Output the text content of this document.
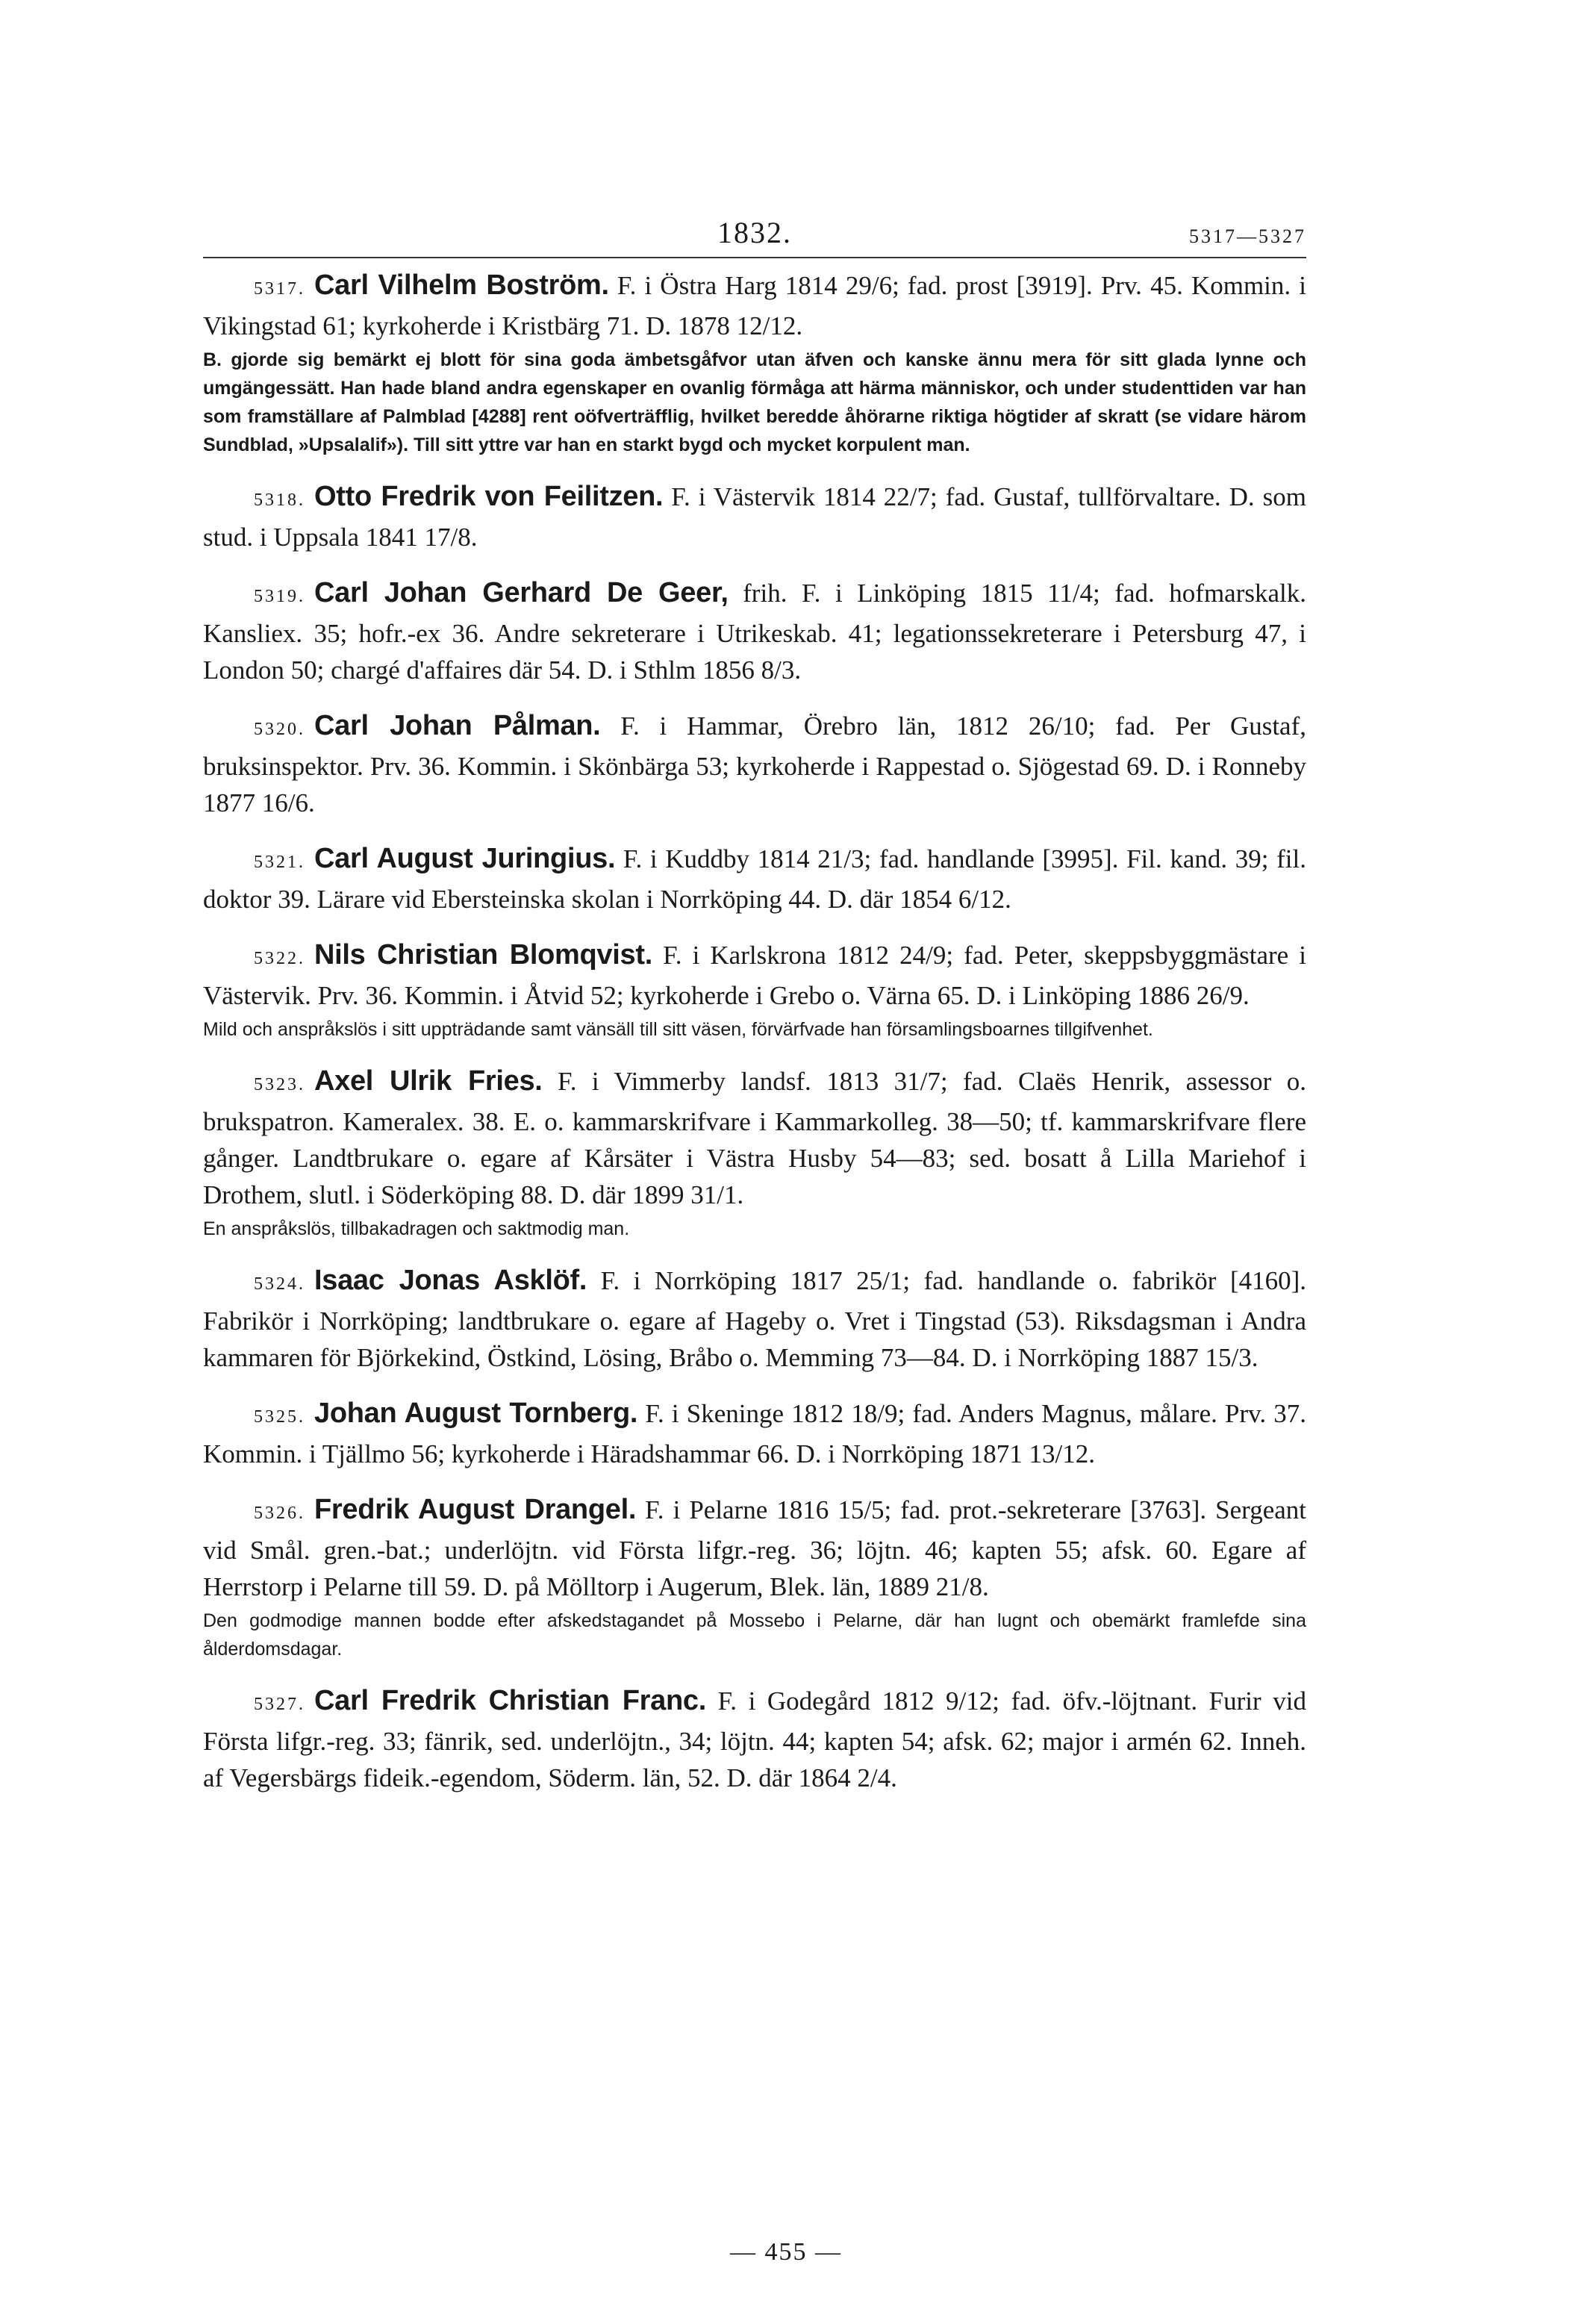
1832.	5317—5327
5317. Carl Vilhelm Boström. F. i Östra Harg 1814 29/6; fad. prost [3919]. Prv. 45. Kommin. i Vikingstad 61; kyrkoherde i Kristbärg 71. D. 1878 12/12.
B. gjorde sig bemärkt ej blott för sina goda ämbetsgåfvor utan äfven och kanske ännu mera för sitt glada lynne och umgängessätt. Han hade bland andra egenskaper en ovanlig förmåga att härma människor, och under studenttiden var han som framställare af Palmblad [4288] rent oöfverträfflig, hvilket beredde åhörarne riktiga högtider af skratt (se vidare härom Sundblad, »Upsalalif»). Till sitt yttre var han en starkt bygd och mycket korpulent man.
5318. Otto Fredrik von Feilitzen. F. i Västervik 1814 22/7; fad. Gustaf, tullförvaltare. D. som stud. i Uppsala 1841 17/8.
5319. Carl Johan Gerhard De Geer, frih. F. i Linköping 1815 11/4; fad. hofmarskalk. Kansliex. 35; hofr.-ex 36. Andre sekreterare i Utrikeskab. 41; legationssekreterare i Petersburg 47, i London 50; chargé d'affaires där 54. D. i Sthlm 1856 8/3.
5320. Carl Johan Pålman. F. i Hammar, Örebro län, 1812 26/10; fad. Per Gustaf, bruksinspektor. Prv. 36. Kommin. i Skönbärga 53; kyrkoherde i Rappestad o. Sjögestad 69. D. i Ronneby 1877 16/6.
5321. Carl August Juringius. F. i Kuddby 1814 21/3; fad. handlande [3995]. Fil. kand. 39; fil. doktor 39. Lärare vid Ebersteinska skolan i Norrköping 44. D. där 1854 6/12.
5322. Nils Christian Blomqvist. F. i Karlskrona 1812 24/9; fad. Peter, skeppsbyggmästare i Västervik. Prv. 36. Kommin. i Åtvid 52; kyrkoherde i Grebo o. Värna 65. D. i Linköping 1886 26/9.
Mild och anspråkslös i sitt uppträdande samt vänsäll till sitt väsen, förvärfvade han församlingsboarnes tillgifvenhet.
5323. Axel Ulrik Fries. F. i Vimmerby landsf. 1813 31/7; fad. Claës Henrik, assessor o. brukspatron. Kameralex. 38. E. o. kammarskrifvare i Kammarkolleg. 38—50; tf. kammarskrifvare flere gånger. Landtbrukare o. egare af Kårsäter i Västra Husby 54—83; sed. bosatt å Lilla Mariehof i Drothem, slutl. i Söderköping 88. D. där 1899 31/1.
En anspråkslös, tillbakadragen och saktmodig man.
5324. Isaac Jonas Asklöf. F. i Norrköping 1817 25/1; fad. handlande o. fabrikör [4160]. Fabrikör i Norrköping; landtbrukare o. egare af Hageby o. Vret i Tingstad (53). Riksdagsman i Andra kammaren för Björkekind, Östkind, Lösing, Bråbo o. Memming 73—84. D. i Norrköping 1887 15/3.
5325. Johan August Tornberg. F. i Skeninge 1812 18/9; fad. Anders Magnus, målare. Prv. 37. Kommin. i Tjällmo 56; kyrkoherde i Häradshammar 66. D. i Norrköping 1871 13/12.
5326. Fredrik August Drangel. F. i Pelarne 1816 15/5; fad. prot.-sekreterare [3763]. Sergeant vid Smål. gren.-bat.; underlöjtn. vid Första lifgr.-reg. 36; löjtn. 46; kapten 55; afsk. 60. Egare af Herrstorp i Pelarne till 59. D. på Mölltorp i Augerum, Blek. län, 1889 21/8.
Den godmodige mannen bodde efter afskedstagandet på Mossebo i Pelarne, där han lugnt och obemärkt framlefde sina ålderdomsdagar.
5327. Carl Fredrik Christian Franc. F. i Godegård 1812 9/12; fad. öfv.-löjtnant. Furir vid Första lifgr.-reg. 33; fänrik, sed. underlöjtn., 34; löjtn. 44; kapten 54; afsk. 62; major i armén 62. Inneh. af Vegersbärgs fideik.-egendom, Söderm. län, 52. D. där 1864 2/4.
— 455 —
